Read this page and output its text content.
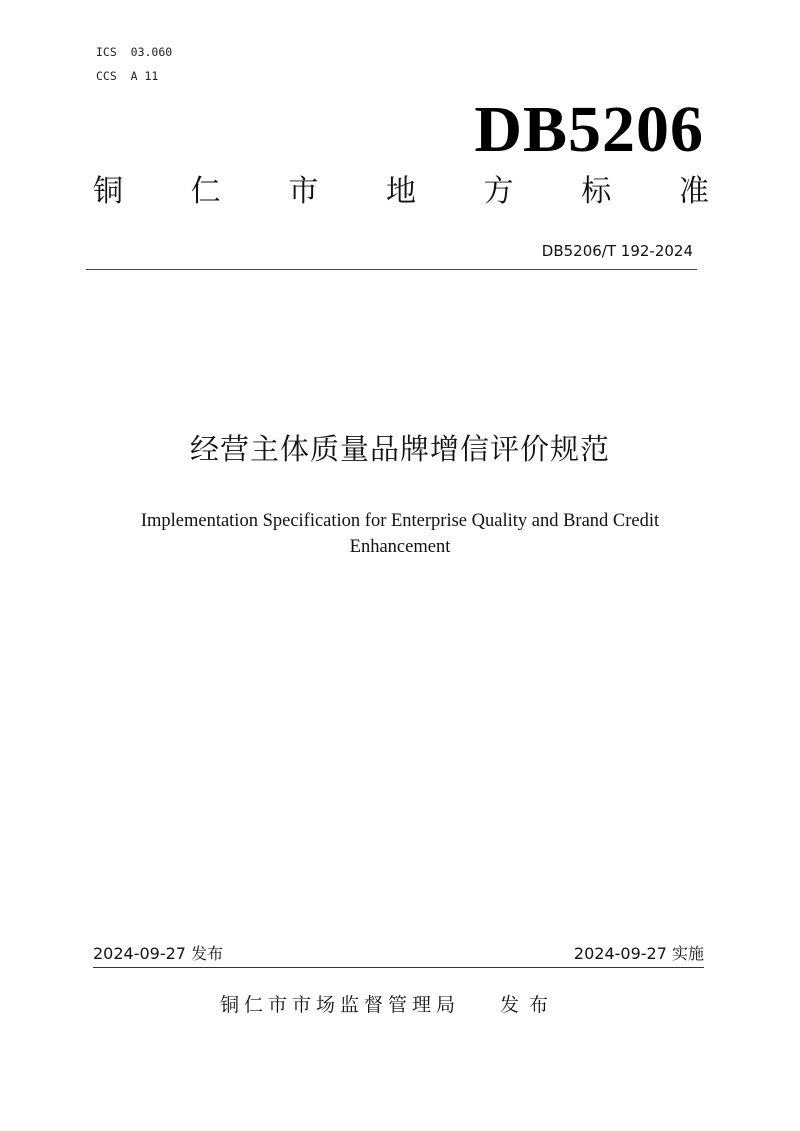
ICS 03.060
CCS A 11
DB5206
铜 仁 市 地 方 标 准
DB5206/T 192-2024
经营主体质量品牌增信评价规范
Implementation Specification for Enterprise Quality and Brand Credit
Enhancement
2024-09-27 发布	2024-09-27 实施
铜仁市市场监督管理局 发布
